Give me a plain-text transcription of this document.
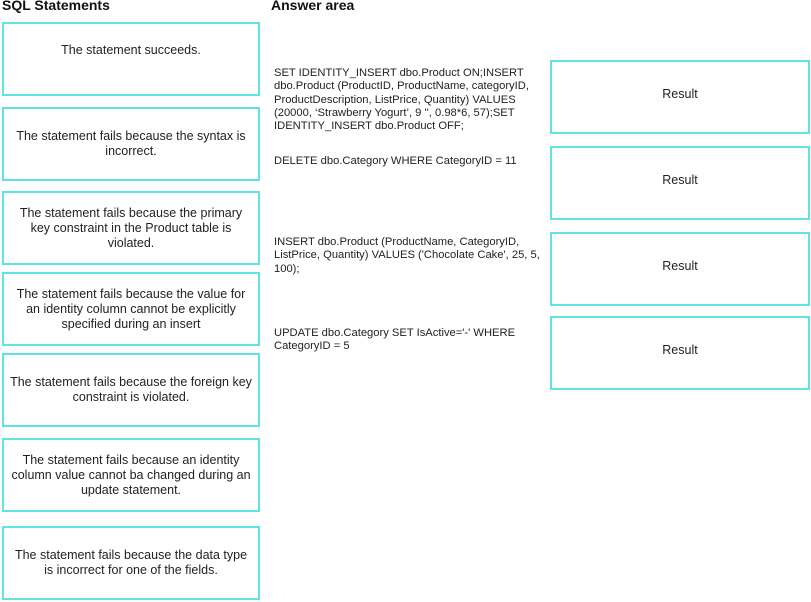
SQL Statements	Answer area
The statement succeeds.
The statement fails because the syntax is incorrect.
The statement fails because the primary key constraint in the Product table is violated.
The statement fails because the value for an identity column cannot be explicitly specified during an insert
The statement fails because the foreign key constraint is violated.
The statement fails because an identity column value cannot ba changed during an update statement.
The statement fails because the data type is incorrect for one of the fields.
SET IDENTITY_INSERT dbo.Product ON;INSERT dbo.Product (ProductID, ProductName, categoryID, ProductDescription, ListPrice, Quantity) VALUES (20000, ‘Strawberry Yogurt’, 9 '', 0.98*6, 57);SET IDENTITY_INSERT dbo.Product OFF;
DELETE dbo.Category WHERE CategoryID = 11
INSERT dbo.Product (ProductName, CategoryID, ListPrice, Quantity) VALUES ('Chocolate Cake', 25, 5, 100);
UPDATE dbo.Category SET IsActive='-' WHERE CategoryID = 5
Result
Result
Result
Result
